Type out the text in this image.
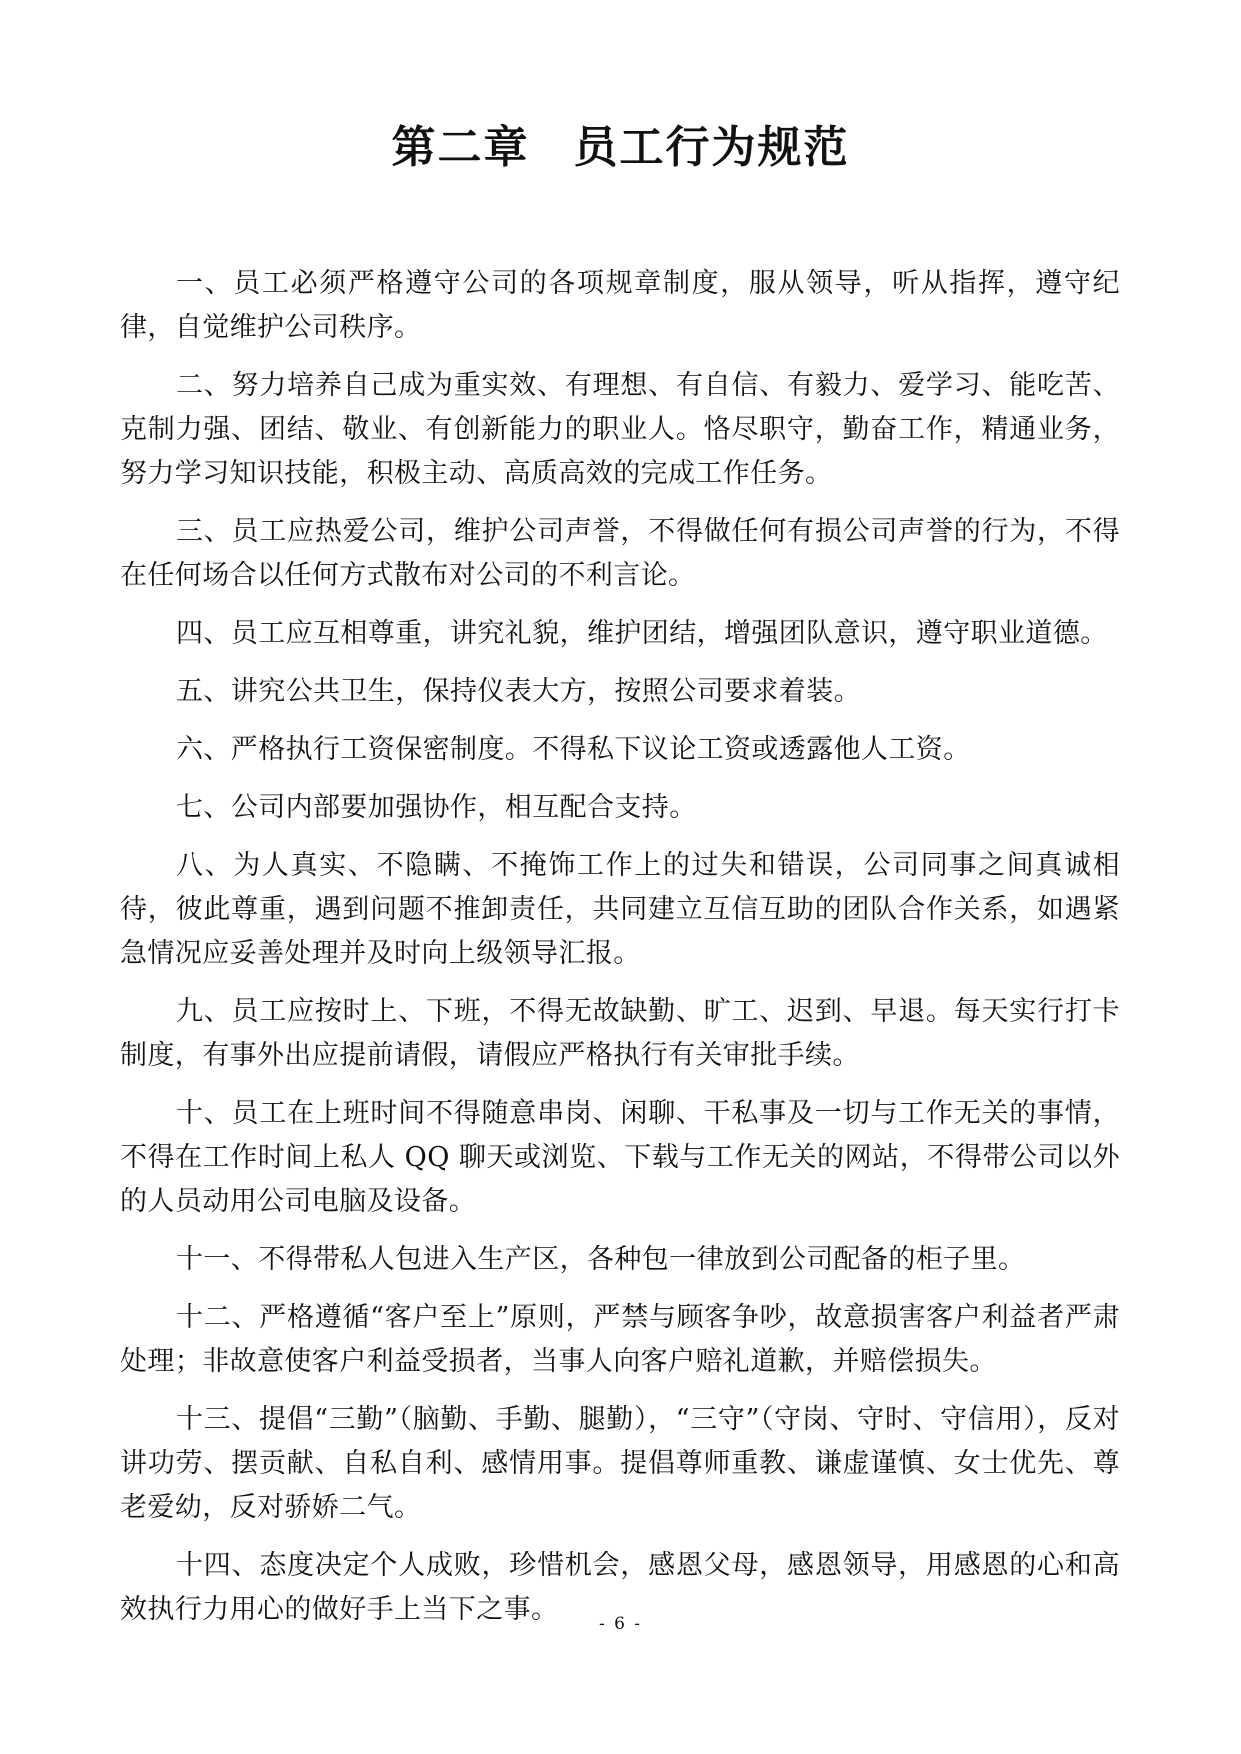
第二章 员工行为规范

一、员工必须严格遵守公司的各项规章制度，服从领导，听从指挥，遵守纪律，自觉维护公司秩序。

二、努力培养自己成为重实效、有理想、有自信、有毅力、爱学习、能吃苦、克制力强、团结、敬业、有创新能力的职业人。恪尽职守，勤奋工作，精通业务，努力学习知识技能，积极主动、高质高效的完成工作任务。

三、员工应热爱公司，维护公司声誉，不得做任何有损公司声誉的行为，不得在任何场合以任何方式散布对公司的不利言论。

四、员工应互相尊重，讲究礼貌，维护团结，增强团队意识，遵守职业道德。

五、讲究公共卫生，保持仪表大方，按照公司要求着装。

六、严格执行工资保密制度。不得私下议论工资或透露他人工资。

七、公司内部要加强协作，相互配合支持。

八、为人真实、不隐瞒、不掩饰工作上的过失和错误，公司同事之间真诚相待，彼此尊重，遇到问题不推卸责任，共同建立互信互助的团队合作关系，如遇紧急情况应妥善处理并及时向上级领导汇报。

九、员工应按时上、下班，不得无故缺勤、旷工、迟到、早退。每天实行打卡制度，有事外出应提前请假，请假应严格执行有关审批手续。

十、员工在上班时间不得随意串岗、闲聊、干私事及一切与工作无关的事情，不得在工作时间上私人 QQ 聊天或浏览、下载与工作无关的网站，不得带公司以外的人员动用公司电脑及设备。

十一、不得带私人包进入生产区，各种包一律放到公司配备的柜子里。

十二、严格遵循“客户至上”原则，严禁与顾客争吵，故意损害客户利益者严肃处理；非故意使客户利益受损者，当事人向客户赔礼道歉，并赔偿损失。

十三、提倡“三勤”（脑勤、手勤、腿勤），“三守”（守岗、守时、守信用），反对讲功劳、摆贡献、自私自利、感情用事。提倡尊师重教、谦虚谨慎、女士优先、尊老爱幼，反对骄娇二气。

十四、态度决定个人成败，珍惜机会，感恩父母，感恩领导，用感恩的心和高效执行力用心的做好手上当下之事。	- 6 -
